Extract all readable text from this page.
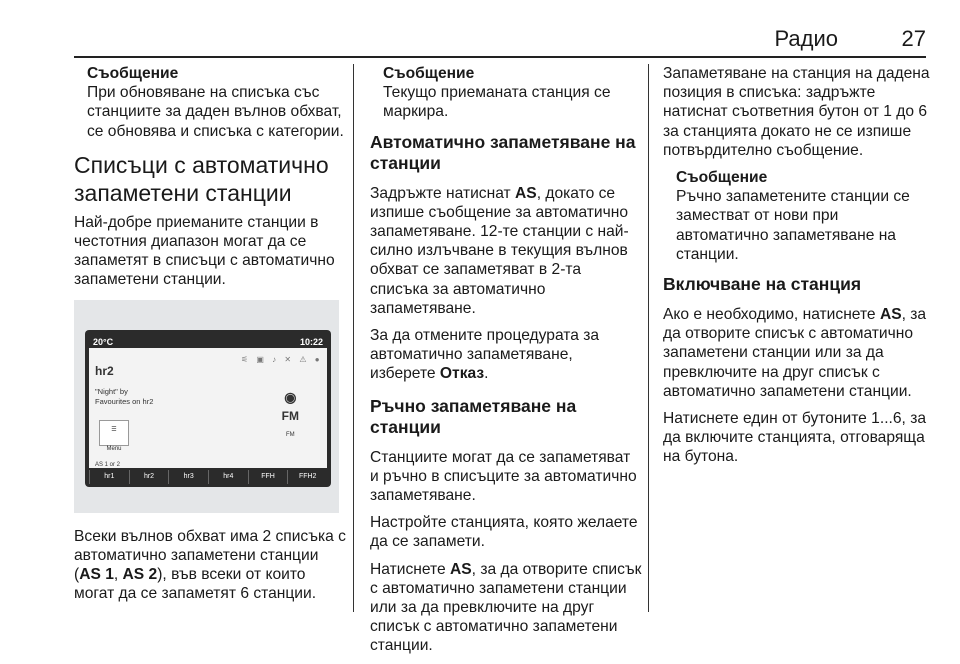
Радио	27
Съобщение
При обновяване на списъка със станциите за даден вълнов обхват, се обновява и списъка с категории.
Списъци с автоматично запаметени станции

Най-добре приеманите станции в честотния диапазон могат да се запаметят в списъци с автоматично запаметени станции.

20°C	10:22
⚟ ▣ ♪ ✕ ⚠ ●
hr2
"Night" by
Favourites on hr2	◉
FM
FM
☰
Menu
AS 1 or 2
hr1	hr2	hr3	hr4	FFH	FFH2

Всеки вълнов обхват има 2 списъка с автоматично запаметени станции (AS 1, AS 2), във всеки от които могат да се запаметят 6 станции.

Съобщение
Текущо приеманата станция се маркира.
Автоматично запаметяване на станции

Задръжте натиснат AS, докато се изпише съобщение за автоматично запаметяване. 12-те станции с най-силно излъчване в текущия вълнов обхват се запаметяват в 2-та списъка за автоматично запаметяване.

За да отмените процедурата за автоматично запаметяване, изберете Отказ.

Ръчно запаметяване на станции

Станциите могат да се запаметяват и ръчно в списъците за автоматично запаметяване.

Настройте станцията, която желаете да се запамети.

Натиснете AS, за да отворите списък с автоматично запаметени станции или за да превключите на друг списък с автоматично запаметени станции.

Запаметяване на станция на дадена позиция в списъка: задръжте натиснат съответния бутон от 1 до 6 за станцията докато не се изпише потвърдително съобщение.

Съобщение
Ръчно запаметените станции се заместват от нови при автоматично запаметяване на станции.
Включване на станция

Ако е необходимо, натиснете AS, за да отворите списък с автоматично запаметени станции или за да превключите на друг списък с автоматично запаметени станции.

Натиснете един от бутоните 1...6, за да включите станцията, отговаряща на бутона.
